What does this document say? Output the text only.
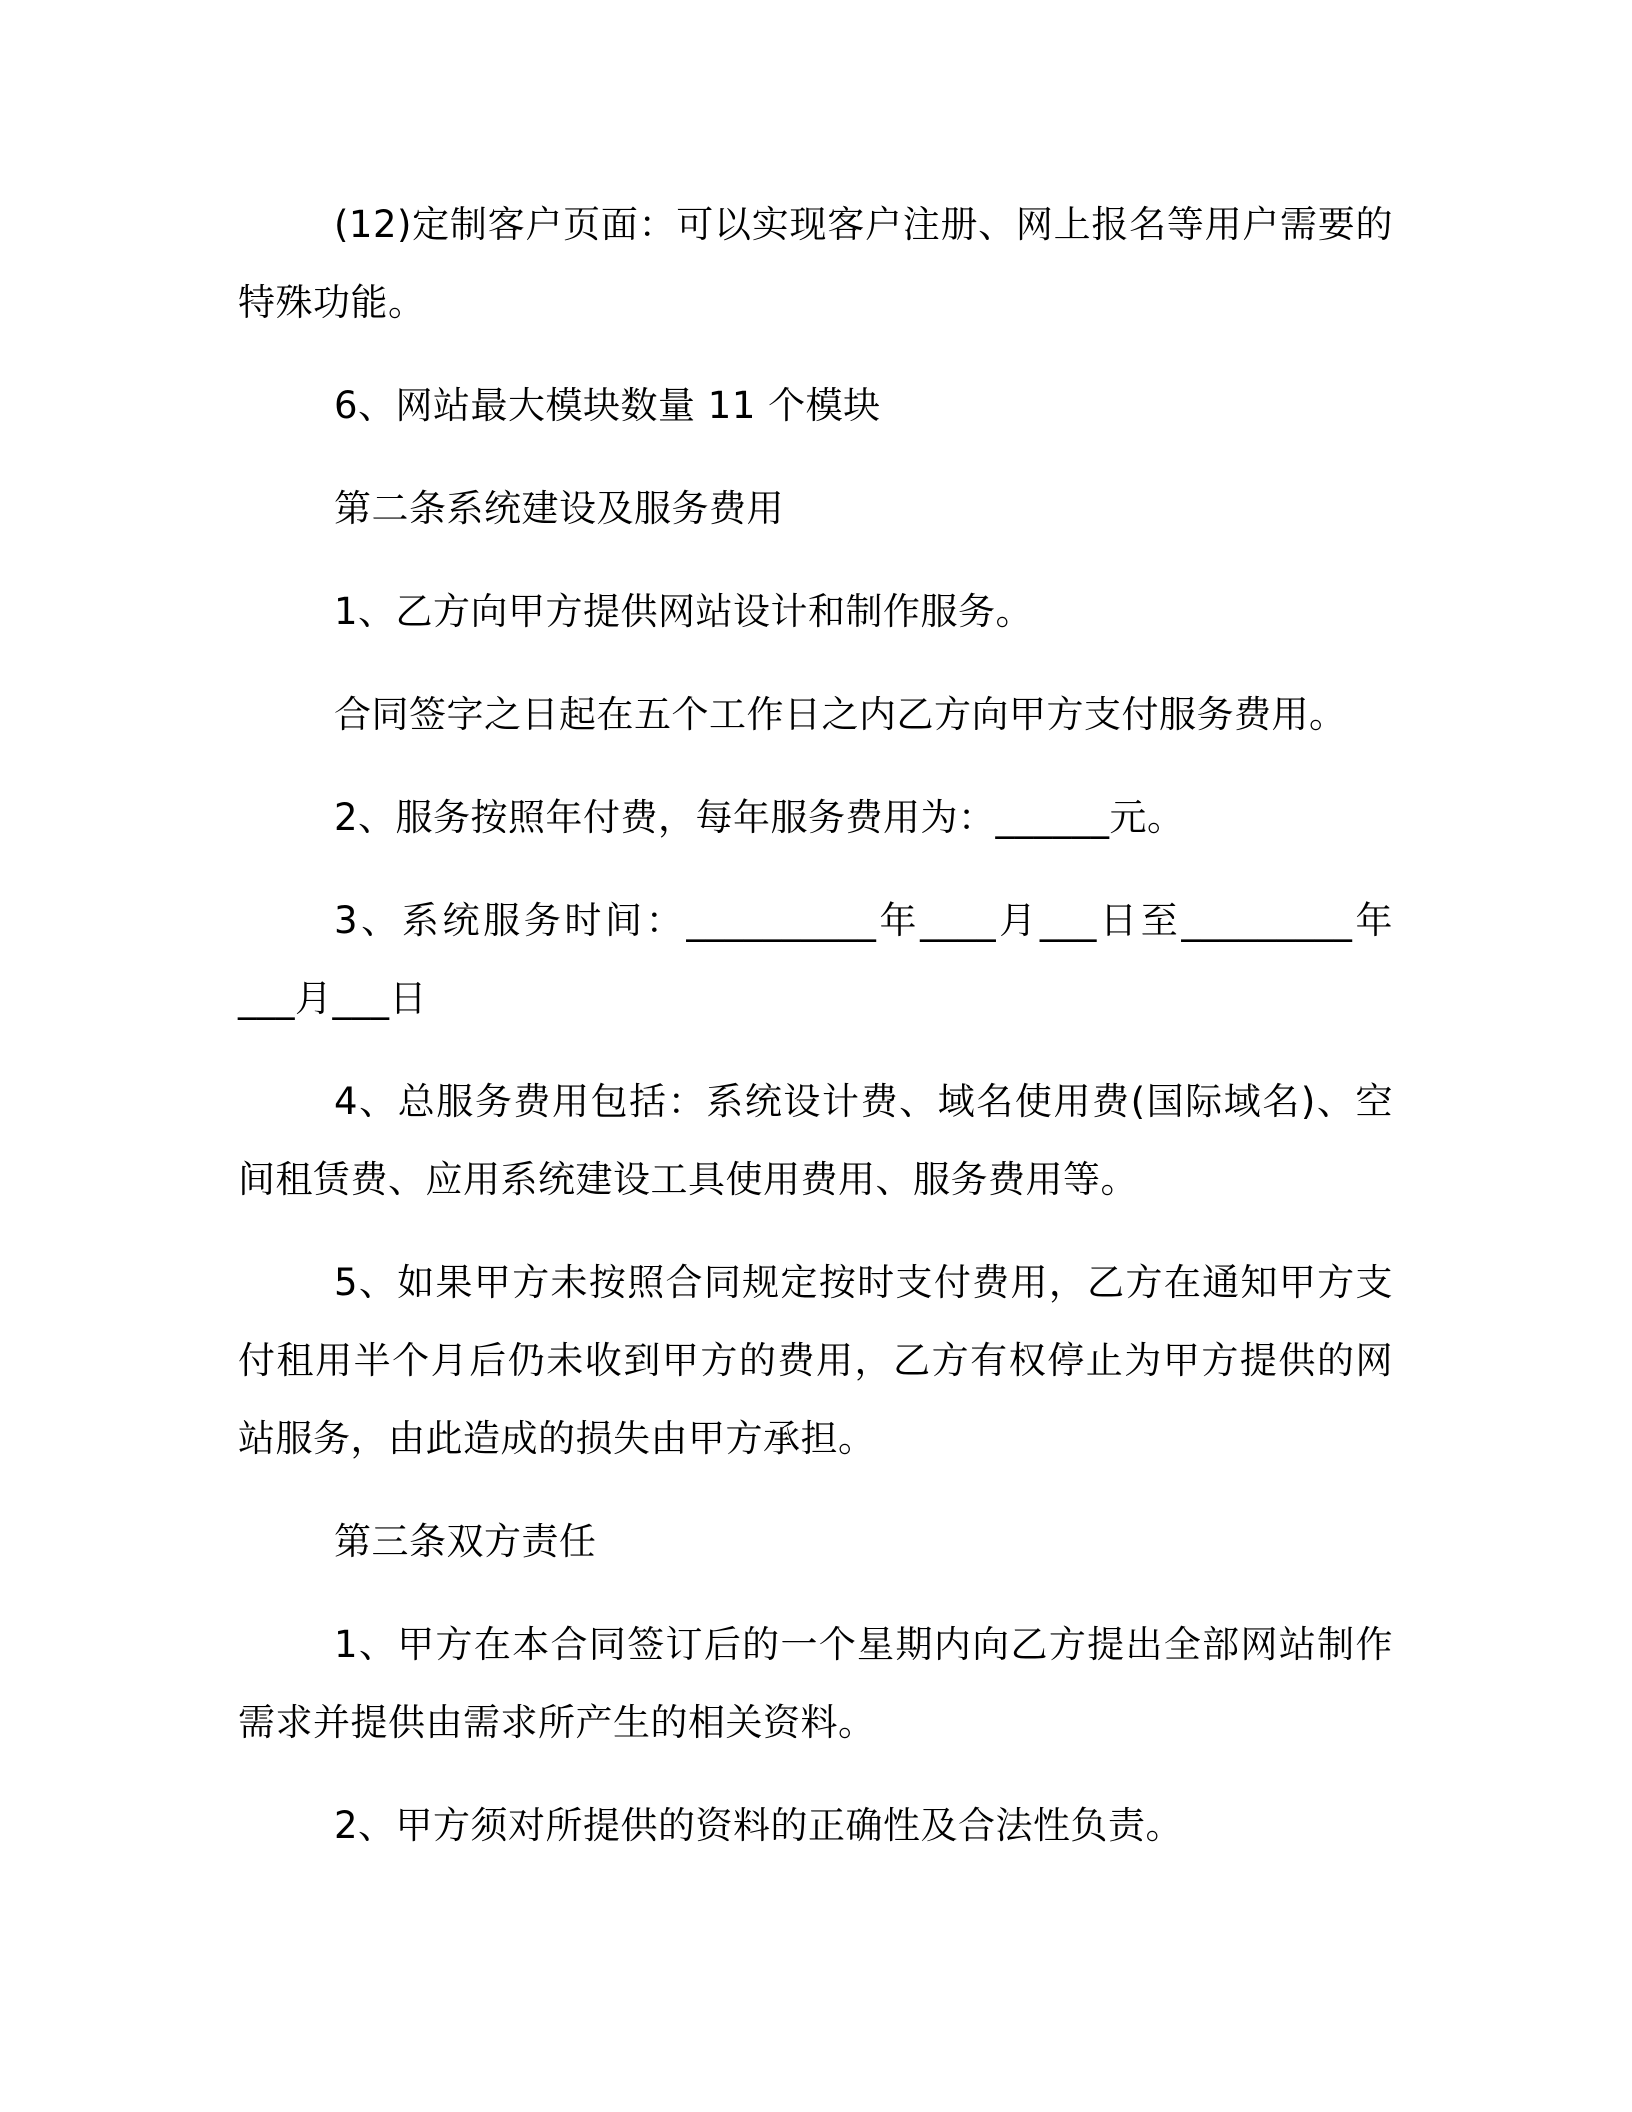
(12)定制客户页面：可以实现客户注册、网上报名等用户需要的特殊功能。

6、网站最大模块数量 11 个模块

第二条系统建设及服务费用

1、乙方向甲方提供网站设计和制作服务。

合同签字之日起在五个工作日之内乙方向甲方支付服务费用。

2、服务按照年付费，每年服务费用为：______元。

3、系统服务时间：__________年____月___日至_________年___月___日

4、总服务费用包括：系统设计费、域名使用费(国际域名)、空间租赁费、应用系统建设工具使用费用、服务费用等。

5、如果甲方未按照合同规定按时支付费用，乙方在通知甲方支付租用半个月后仍未收到甲方的费用，乙方有权停止为甲方提供的网站服务，由此造成的损失由甲方承担。

第三条双方责任

1、甲方在本合同签订后的一个星期内向乙方提出全部网站制作需求并提供由需求所产生的相关资料。

2、甲方须对所提供的资料的正确性及合法性负责。
